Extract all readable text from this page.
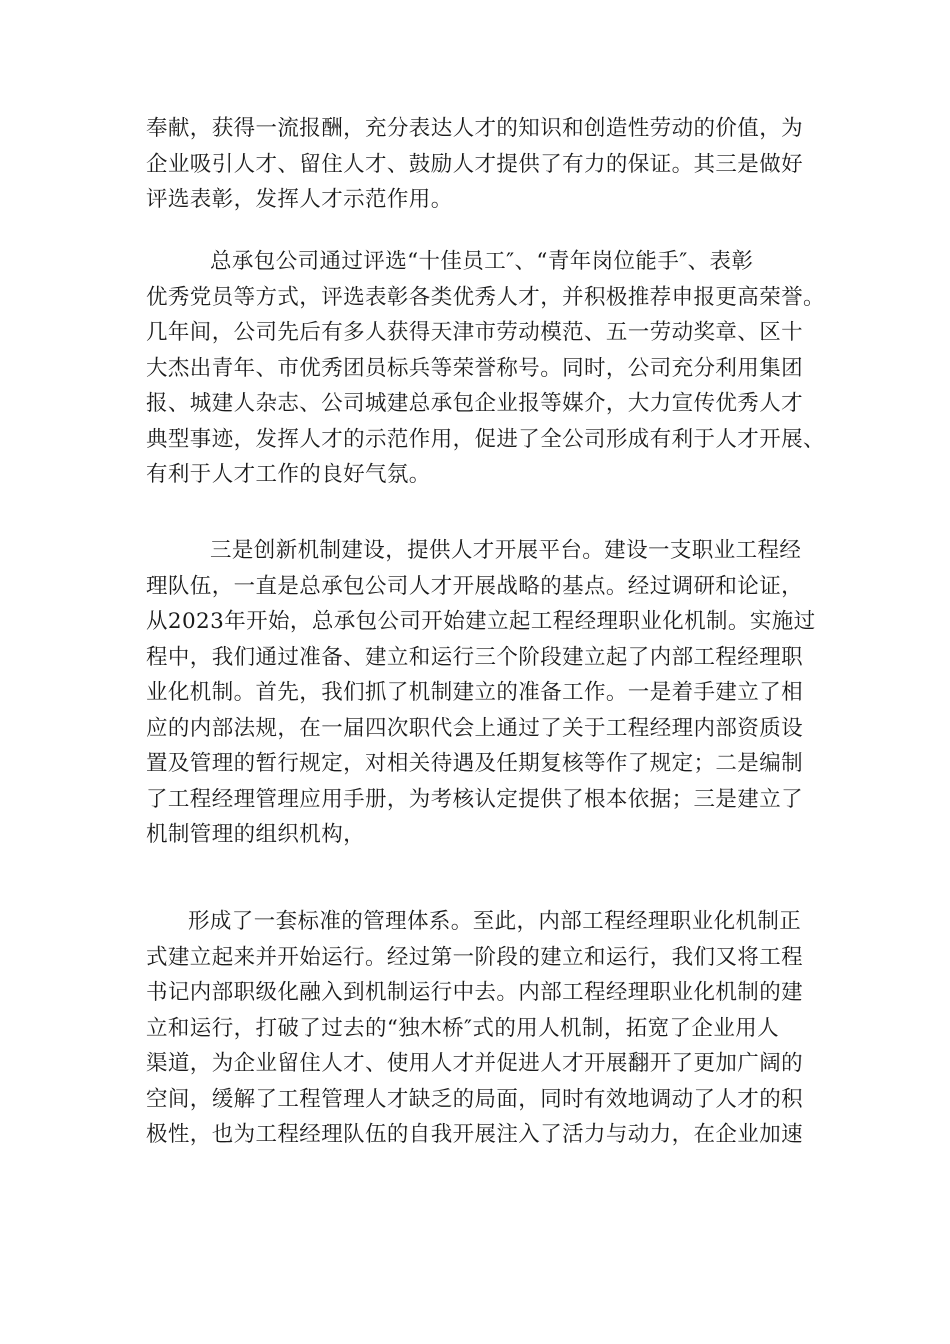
奉献，获得一流报酬，充分表达人才的知识和创造性劳动的价值，为
企业吸引人才、留住人才、鼓励人才提供了有力的保证。其三是做好
评选表彰，发挥人才示范作用。

总承包公司通过评选“十佳员工″、“青年岗位能手″、表彰
优秀党员等方式，评选表彰各类优秀人才，并积极推荐申报更高荣誉。
几年间，公司先后有多人获得天津市劳动模范、五一劳动奖章、区十
大杰出青年、市优秀团员标兵等荣誉称号。同时，公司充分利用集团
报、城建人杂志、公司城建总承包企业报等媒介，大力宣传优秀人才
典型事迹，发挥人才的示范作用，促进了全公司形成有利于人才开展、
有利于人才工作的良好气氛。

三是创新机制建设，提供人才开展平台。建设一支职业工程经
理队伍，一直是总承包公司人才开展战略的基点。经过调研和论证，
从2023年开始，总承包公司开始建立起工程经理职业化机制。实施过
程中，我们通过准备、建立和运行三个阶段建立起了内部工程经理职
业化机制。首先，我们抓了机制建立的准备工作。一是着手建立了相
应的内部法规，在一届四次职代会上通过了关于工程经理内部资质设
置及管理的暂行规定，对相关待遇及任期复核等作了规定；二是编制
了工程经理管理应用手册，为考核认定提供了根本依据；三是建立了
机制管理的组织机构，

形成了一套标准的管理体系。至此，内部工程经理职业化机制正
式建立起来并开始运行。经过第一阶段的建立和运行，我们又将工程
书记内部职级化融入到机制运行中去。内部工程经理职业化机制的建
立和运行，打破了过去的“独木桥″式的用人机制，拓宽了企业用人
渠道，为企业留住人才、使用人才并促进人才开展翻开了更加广阔的
空间，缓解了工程管理人才缺乏的局面，同时有效地调动了人才的积
极性，也为工程经理队伍的自我开展注入了活力与动力，在企业加速
